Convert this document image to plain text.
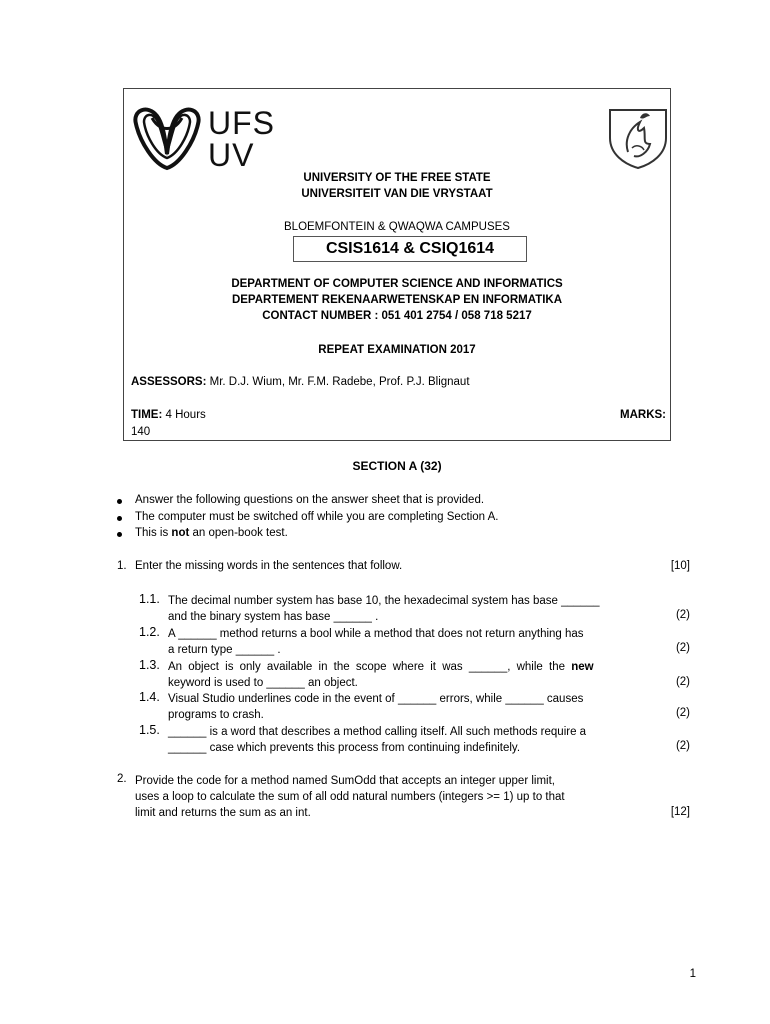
UFS
UV
UNIVERSITY OF THE FREE STATE
UNIVERSITEIT VAN DIE VRYSTAAT
BLOEMFONTEIN & QWAQWA CAMPUSES
CSIS1614 & CSIQ1614
DEPARTMENT OF COMPUTER SCIENCE AND INFORMATICS
DEPARTEMENT REKENAARWETENSKAP EN INFORMATIKA
CONTACT NUMBER : 051 401 2754 / 058 718 5217
REPEAT EXAMINATION 2017
ASSESSORS: Mr. D.J. Wium, Mr. F.M. Radebe, Prof. P.J. Blignaut
TIME: 4 Hours	MARKS:
140
SECTION A (32)
Answer the following questions on the answer sheet that is provided.
The computer must be switched off while you are completing Section A.
This is not an open-book test.
1. Enter the missing words in the sentences that follow.	[10]
1.1. The decimal number system has base 10, the hexadecimal system has base ______
and the binary system has base ______ .	(2)
1.2. A ______ method returns a bool while a method that does not return anything has
a return type ______ .	(2)
1.3. An object is only available in the scope where it was ______, while the new
keyword is used to ______ an object.	(2)
1.4. Visual Studio underlines code in the event of ______ errors, while ______ causes
programs to crash.	(2)
1.5. ______ is a word that describes a method calling itself. All such methods require a
______ case which prevents this process from continuing indefinitely.	(2)
2. Provide the code for a method named SumOdd that accepts an integer upper limit,
uses a loop to calculate the sum of all odd natural numbers (integers >= 1) up to that
limit and returns the sum as an int.	[12]
1
